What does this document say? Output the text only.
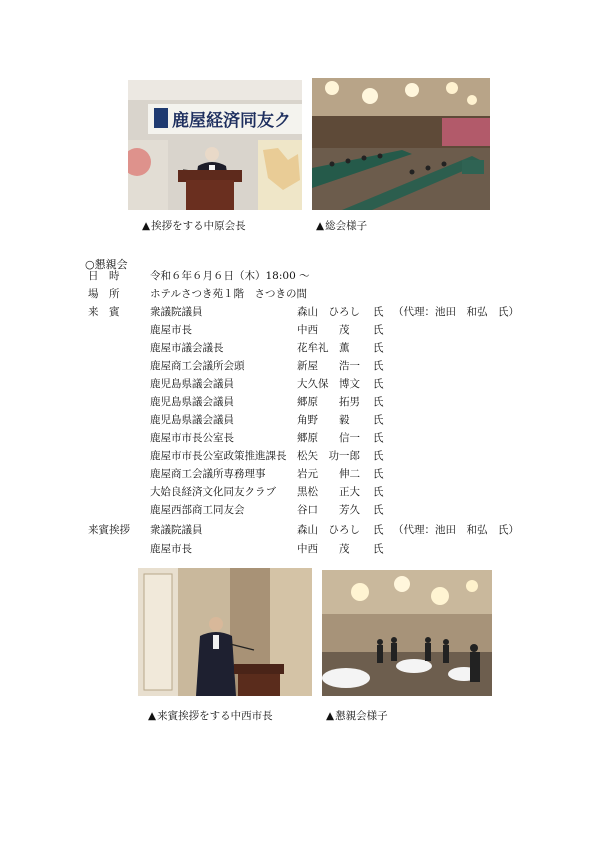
鹿屋経済同友ク
▲挨拶をする中原会長	▲総会様子
○懇親会
日　時	令和６年６月６日（木）18:00 ～
場　所	ホテルさつき苑１階　さつきの間
来　賓	衆議院議員	森山　ひろし 氏 （代理：池田　和弘　氏）
鹿屋市長	中西　　茂 氏
鹿屋市議会議長	花牟礼　薫 氏
鹿屋商工会議所会頭	新屋　　浩一 氏
鹿児島県議会議員	大久保　博文 氏
鹿児島県議会議員	郷原　　拓男 氏
鹿児島県議会議員	角野　　毅 氏
鹿屋市市長公室長	郷原　　信一 氏
鹿屋市市長公室政策推進課長 松矢　功一郎 氏
鹿屋商工会議所専務理事	岩元　　伸二 氏
大姶良経済文化同友クラブ 黒松　　正大 氏
鹿屋西部商工同友会	谷口　　芳久 氏
来賓挨拶 衆議院議員	森山　ひろし 氏 （代理：池田　和弘　氏）
鹿屋市長	中西　　茂 氏
▲来賓挨拶をする中西市長	▲懇親会様子
